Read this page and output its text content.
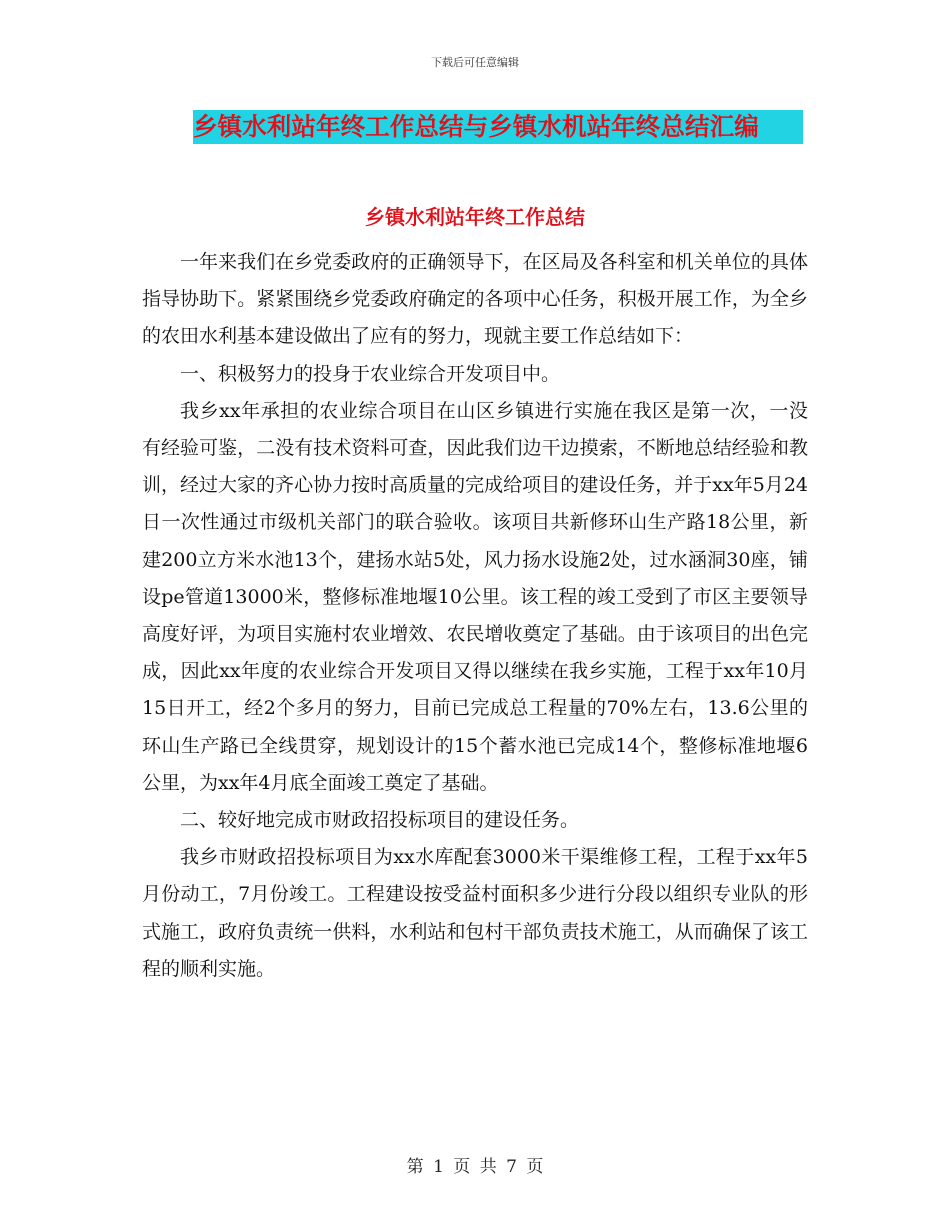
下载后可任意编辑
乡镇水利站年终工作总结与乡镇水机站年终总结汇编
乡镇水利站年终工作总结

一年来我们在乡党委政府的正确领导下，在区局及各科室和机关单位的具体指导协助下。紧紧围绕乡党委政府确定的各项中心任务，积极开展工作，为全乡的农田水利基本建设做出了应有的努力，现就主要工作总结如下：

一、积极努力的投身于农业综合开发项目中。

我乡xx年承担的农业综合项目在山区乡镇进行实施在我区是第一次，一没有经验可鉴，二没有技术资料可查，因此我们边干边摸索，不断地总结经验和教训，经过大家的齐心协力按时高质量的完成给项目的建设任务，并于xx年5月24日一次性通过市级机关部门的联合验收。该项目共新修环山生产路18公里，新建200立方米水池13个，建扬水站5处，风力扬水设施2处，过水涵洞30座，铺设pe管道13000米，整修标准地堰10公里。该工程的竣工受到了市区主要领导高度好评，为项目实施村农业增效、农民增收奠定了基础。由于该项目的出色完成，因此xx年度的农业综合开发项目又得以继续在我乡实施，工程于xx年10月15日开工，经2个多月的努力，目前已完成总工程量的70%左右，13.6公里的环山生产路已全线贯穿，规划设计的15个蓄水池已完成14个，整修标准地堰6公里，为xx年4月底全面竣工奠定了基础。

二、较好地完成市财政招投标项目的建设任务。

我乡市财政招投标项目为xx水库配套3000米干渠维修工程，工程于xx年5月份动工，7月份竣工。工程建设按受益村面积多少进行分段以组织专业队的形式施工，政府负责统一供料，水利站和包村干部负责技术施工，从而确保了该工程的顺利实施。

第 1 页 共 7 页
